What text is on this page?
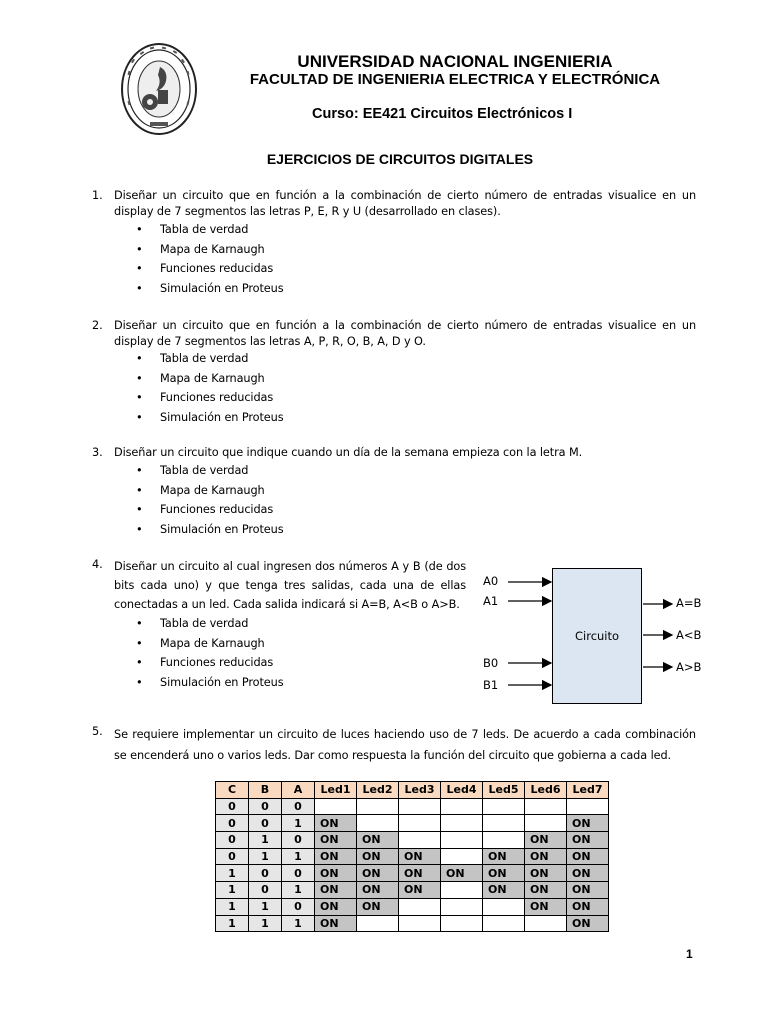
UNIVERSIDAD NACIONAL INGENIERIA
FACULTAD DE INGENIERIA ELECTRICA Y ELECTRÓNICA
Curso: EE421 Circuitos Electrónicos I
EJERCICIOS DE CIRCUITOS DIGITALES
1.	Diseñar un circuito que en función a la combinación de cierto número de entradas visualice en un display de 7 segmentos las letras P, E, R y U (desarrollado en clases).
• Tabla de verdad
• Mapa de Karnaugh
• Funciones reducidas
• Simulación en Proteus
2.	Diseñar un circuito que en función a la combinación de cierto número de entradas visualice en un display de 7 segmentos las letras A, P, R, O, B, A, D y O.
• Tabla de verdad
• Mapa de Karnaugh
• Funciones reducidas
• Simulación en Proteus
3.	Diseñar un circuito que indique cuando un día de la semana empieza con la letra M.
• Tabla de verdad
• Mapa de Karnaugh
• Funciones reducidas
• Simulación en Proteus
4.	Diseñar un circuito al cual ingresen dos números A y B (de dos bits cada uno) y que tenga tres salidas, cada una de ellas conectadas a un led. Cada salida indicará si A=B, A<B o A>B.
• Tabla de verdad
• Mapa de Karnaugh
• Funciones reducidas
• Simulación en Proteus
Circuito
A0
A1
B0
B1
A=B
A<B
A>B
5.	Se requiere implementar un circuito de luces haciendo uso de 7 leds. De acuerdo a cada combinación se encenderá uno o varios leds. Dar como respuesta la función del circuito que gobierna a cada led.
C	B	A	Led1	Led2	Led3	Led4	Led5	Led6	Led7
0	0	0							
0	0	1	ON						ON
0	1	0	ON	ON				ON	ON
0	1	1	ON	ON	ON		ON	ON	ON
1	0	0	ON	ON	ON	ON	ON	ON	ON
1	0	1	ON	ON	ON		ON	ON	ON
1	1	0	ON	ON				ON	ON
1	1	1	ON						ON
1
